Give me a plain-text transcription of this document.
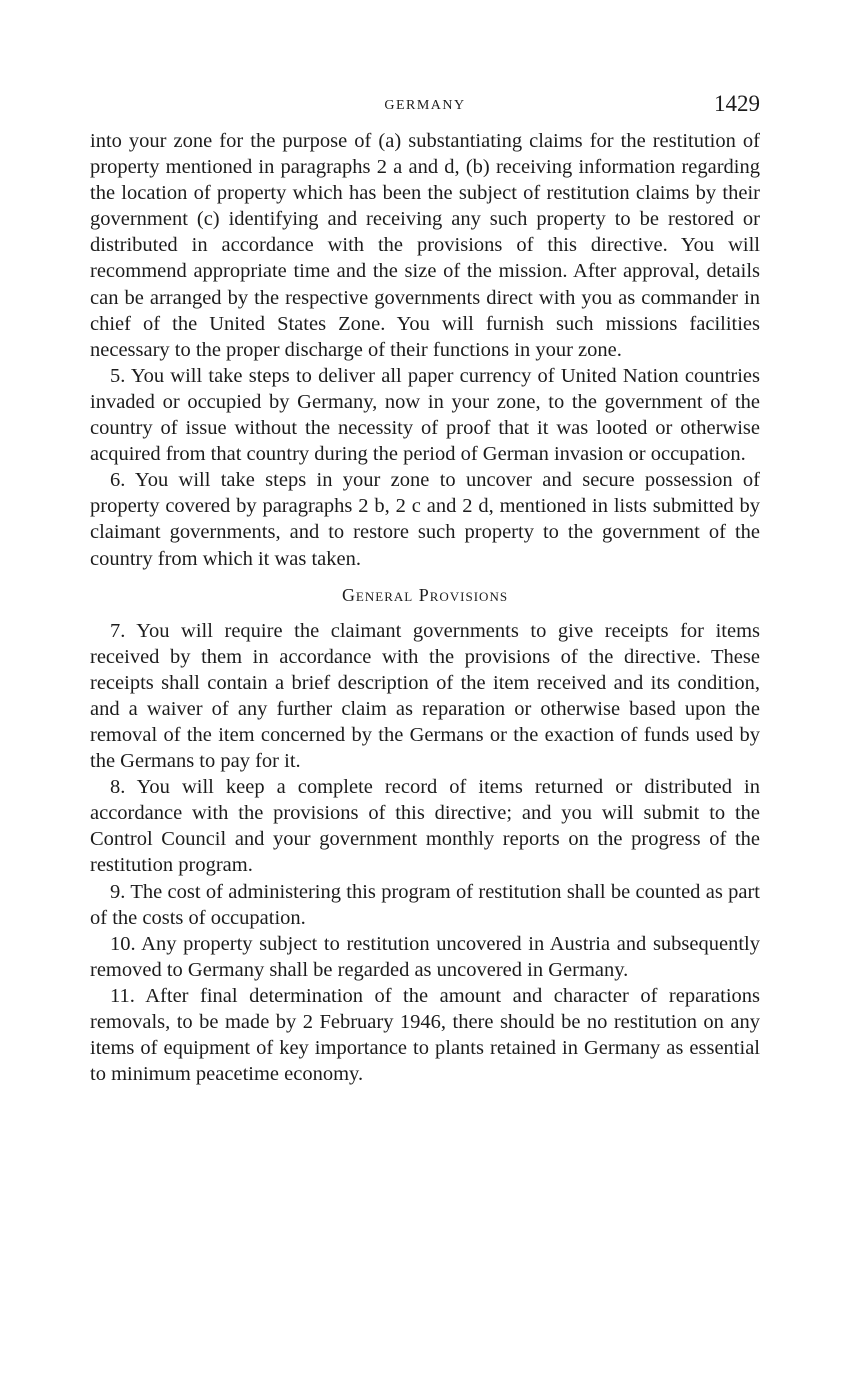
GERMANY	1429

into your zone for the purpose of (a) substantiating claims for the restitution of property mentioned in paragraphs 2 a and d, (b) receiving information regarding the location of property which has been the subject of restitution claims by their government (c) identifying and receiving any such property to be restored or distributed in accordance with the provisions of this directive. You will recommend appropriate time and the size of the mission. After approval, details can be arranged by the respective governments direct with you as commander in chief of the United States Zone. You will furnish such missions facilities necessary to the proper discharge of their functions in your zone.

5. You will take steps to deliver all paper currency of United Nation countries invaded or occupied by Germany, now in your zone, to the government of the country of issue without the necessity of proof that it was looted or otherwise acquired from that country during the period of German invasion or occupation.

6. You will take steps in your zone to uncover and secure possession of property covered by paragraphs 2 b, 2 c and 2 d, mentioned in lists submitted by claimant governments, and to restore such property to the government of the country from which it was taken.

General Provisions

7. You will require the claimant governments to give receipts for items received by them in accordance with the provisions of the directive. These receipts shall contain a brief description of the item received and its condition, and a waiver of any further claim as reparation or otherwise based upon the removal of the item concerned by the Germans or the exaction of funds used by the Germans to pay for it.

8. You will keep a complete record of items returned or distributed in accordance with the provisions of this directive; and you will submit to the Control Council and your government monthly reports on the progress of the restitution program.

9. The cost of administering this program of restitution shall be counted as part of the costs of occupation.

10. Any property subject to restitution uncovered in Austria and subsequently removed to Germany shall be regarded as uncovered in Germany.

11. After final determination of the amount and character of reparations removals, to be made by 2 February 1946, there should be no restitution on any items of equipment of key importance to plants retained in Germany as essential to minimum peacetime economy.
